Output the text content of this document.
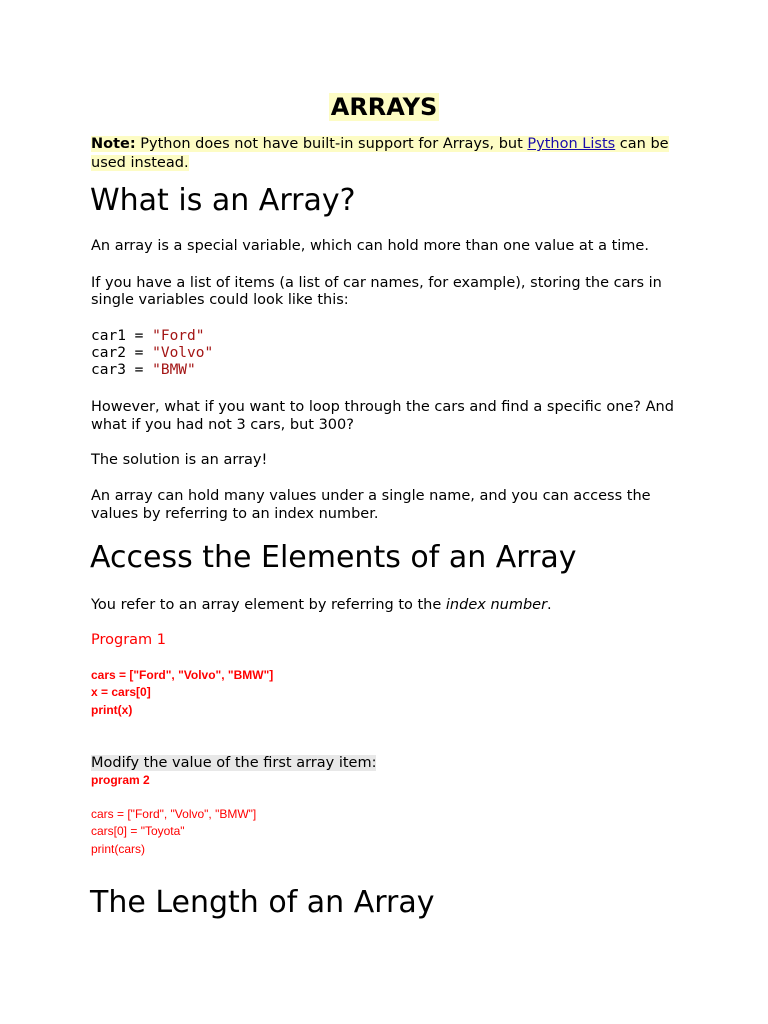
ARRAYS
Note: Python does not have built-in support for Arrays, but Python Lists can be used instead.
What is an Array?
An array is a special variable, which can hold more than one value at a time.
If you have a list of items (a list of car names, for example), storing the cars in
single variables could look like this:
car1 = "Ford"
car2 = "Volvo"
car3 = "BMW"
However, what if you want to loop through the cars and find a specific one? And
what if you had not 3 cars, but 300?
The solution is an array!
An array can hold many values under a single name, and you can access the
values by referring to an index number.
Access the Elements of an Array
You refer to an array element by referring to the index number.
Program 1
cars = ["Ford", "Volvo", "BMW"]
x = cars[0]
print(x)
Modify the value of the first array item:
program 2
cars = ["Ford", "Volvo", "BMW"]
cars[0] = "Toyota"
print(cars)
The Length of an Array
